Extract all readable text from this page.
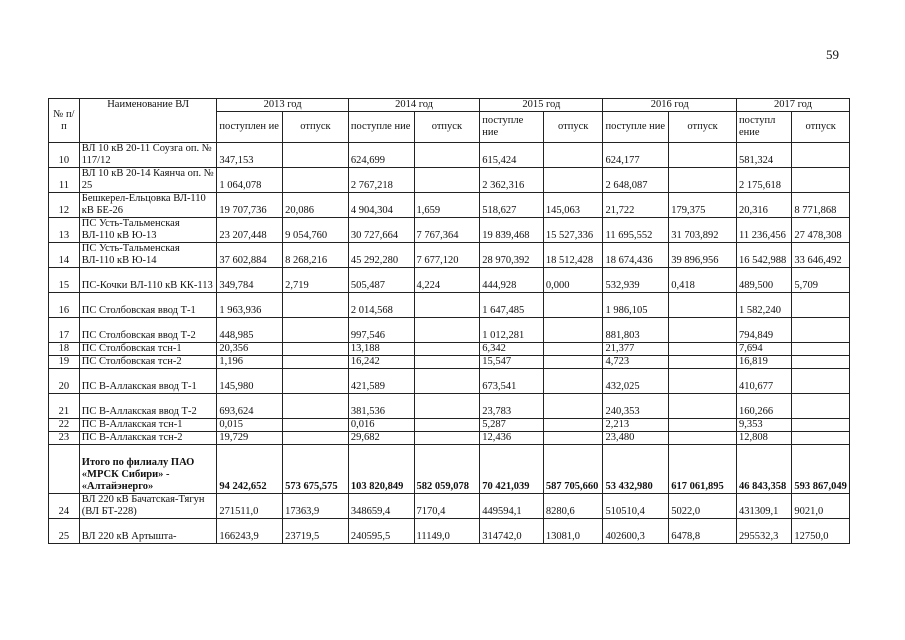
59
№ п/п	Наименование ВЛ	2013 год		2014 год		2015 год		2016 год		2017 год	

		поступлен ие	отпуск	поступле ние	отпуск	поступле ние	отпуск	поступле ние	отпуск	поступл ение	отпуск
10	ВЛ 10 кВ 20-11 Соузга оп. № 117/12	347,153		624,699		615,424		624,177		581,324	
11	ВЛ 10 кВ 20-14 Каянча оп. № 25	1 064,078		2 767,218		2 362,316		2 648,087		2 175,618	
12	Бешкерел-Ельцовка ВЛ-110 кВ БЕ-26	19 707,736	20,086	4 904,304	1,659	518,627	145,063	21,722	179,375	20,316	8 771,868
13	ПС Усть-Тальменская ВЛ-110 кВ Ю-13	23 207,448	9 054,760	30 727,664	7 767,364	19 839,468	15 527,336	11 695,552	31 703,892	11 236,456	27 478,308
14	ПС Усть-Тальменская ВЛ-110 кВ Ю-14	37 602,884	8 268,216	45 292,280	7 677,120	28 970,392	18 512,428	18 674,436	39 896,956	16 542,988	33 646,492
15	ПС-Кочки ВЛ-110 кВ КК-113	349,784	2,719	505,487	4,224	444,928	0,000	532,939	0,418	489,500	5,709
16	ПС Столбовская ввод Т-1	1 963,936		2 014,568		1 647,485		1 986,105		1 582,240	
17	ПС Столбовская ввод Т-2	448,985		997,546		1 012,281		881,803		794,849	
18	ПС Столбовская тсн-1	20,356		13,188		6,342		21,377		7,694	
19	ПС Столбовская тсн-2	1,196		16,242		15,547		4,723		16,819	
20	ПС В-Аллакская ввод Т-1	145,980		421,589		673,541		432,025		410,677	
21	ПС В-Аллакская ввод Т-2	693,624		381,536		23,783		240,353		160,266	
22	ПС В-Аллакская тсн-1	0,015		0,016		5,287		2,213		9,353	
23	ПС В-Аллакская тсн-2	19,729		29,682		12,436		23,480		12,808	
	Итого по филиалу ПАО «МРСК Сибири» - «Алтайэнерго»	94 242,652	573 675,575	103 820,849	582 059,078	70 421,039	587 705,660	53 432,980	617 061,895	46 843,358	593 867,049
24	ВЛ 220 кВ Бачатская-Тягун (ВЛ БТ-228)	271511,0	17363,9	348659,4	7170,4	449594,1	8280,6	510510,4	5022,0	431309,1	9021,0
25	ВЛ 220 кВ Артышта-	166243,9	23719,5	240595,5	11149,0	314742,0	13081,0	402600,3	6478,8	295532,3	12750,0
